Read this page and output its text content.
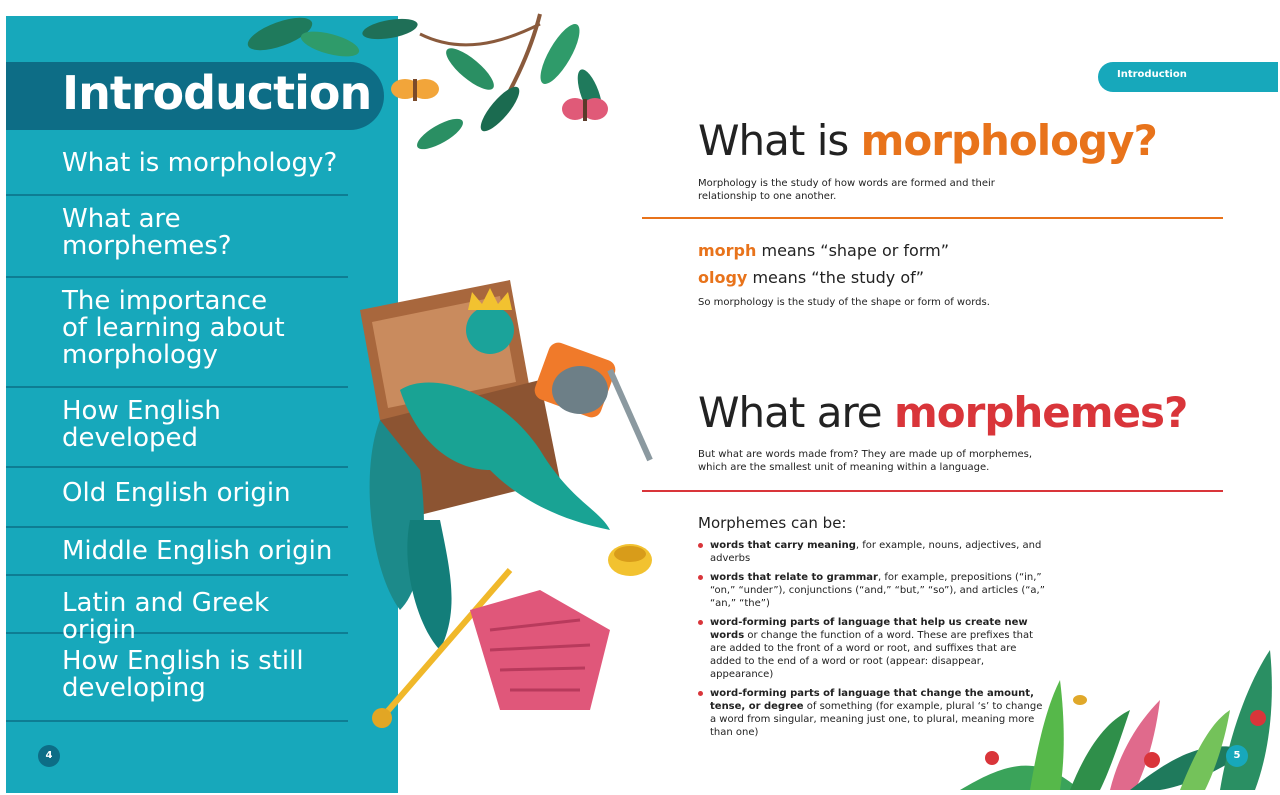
Introduction
What is morphology?
What are
morphemes?
The importance
of learning about
morphology
How English
developed
Old English origin
Middle English origin
Latin and Greek origin
How English is still
developing
4
Introduction
What is morphology?
Morphology is the study of how words are formed and their relationship to one another.
morph means “shape or form”
ology means “the study of”
So morphology is the study of the shape or form of words.
What are morphemes?
But what are words made from? They are made up of morphemes, which are the smallest unit of meaning within a language.
Morphemes can be:
words that carry meaning, for example, nouns, adjectives, and adverbs
words that relate to grammar, for example, prepositions (“in,” “on,” “under”), conjunctions (“and,” “but,” “so”), and articles (“a,” “an,” “the”)
word-forming parts of language that help us create new words or change the function of a word. These are prefixes that are added to the front of a word or root, and suffixes that are added to the end of a word or root (appear: disappear, appearance)
word-forming parts of language that change the amount, tense, or degree of something (for example, plural ‘s’ to change a word from singular, meaning just one, to plural, meaning more than one)
5
